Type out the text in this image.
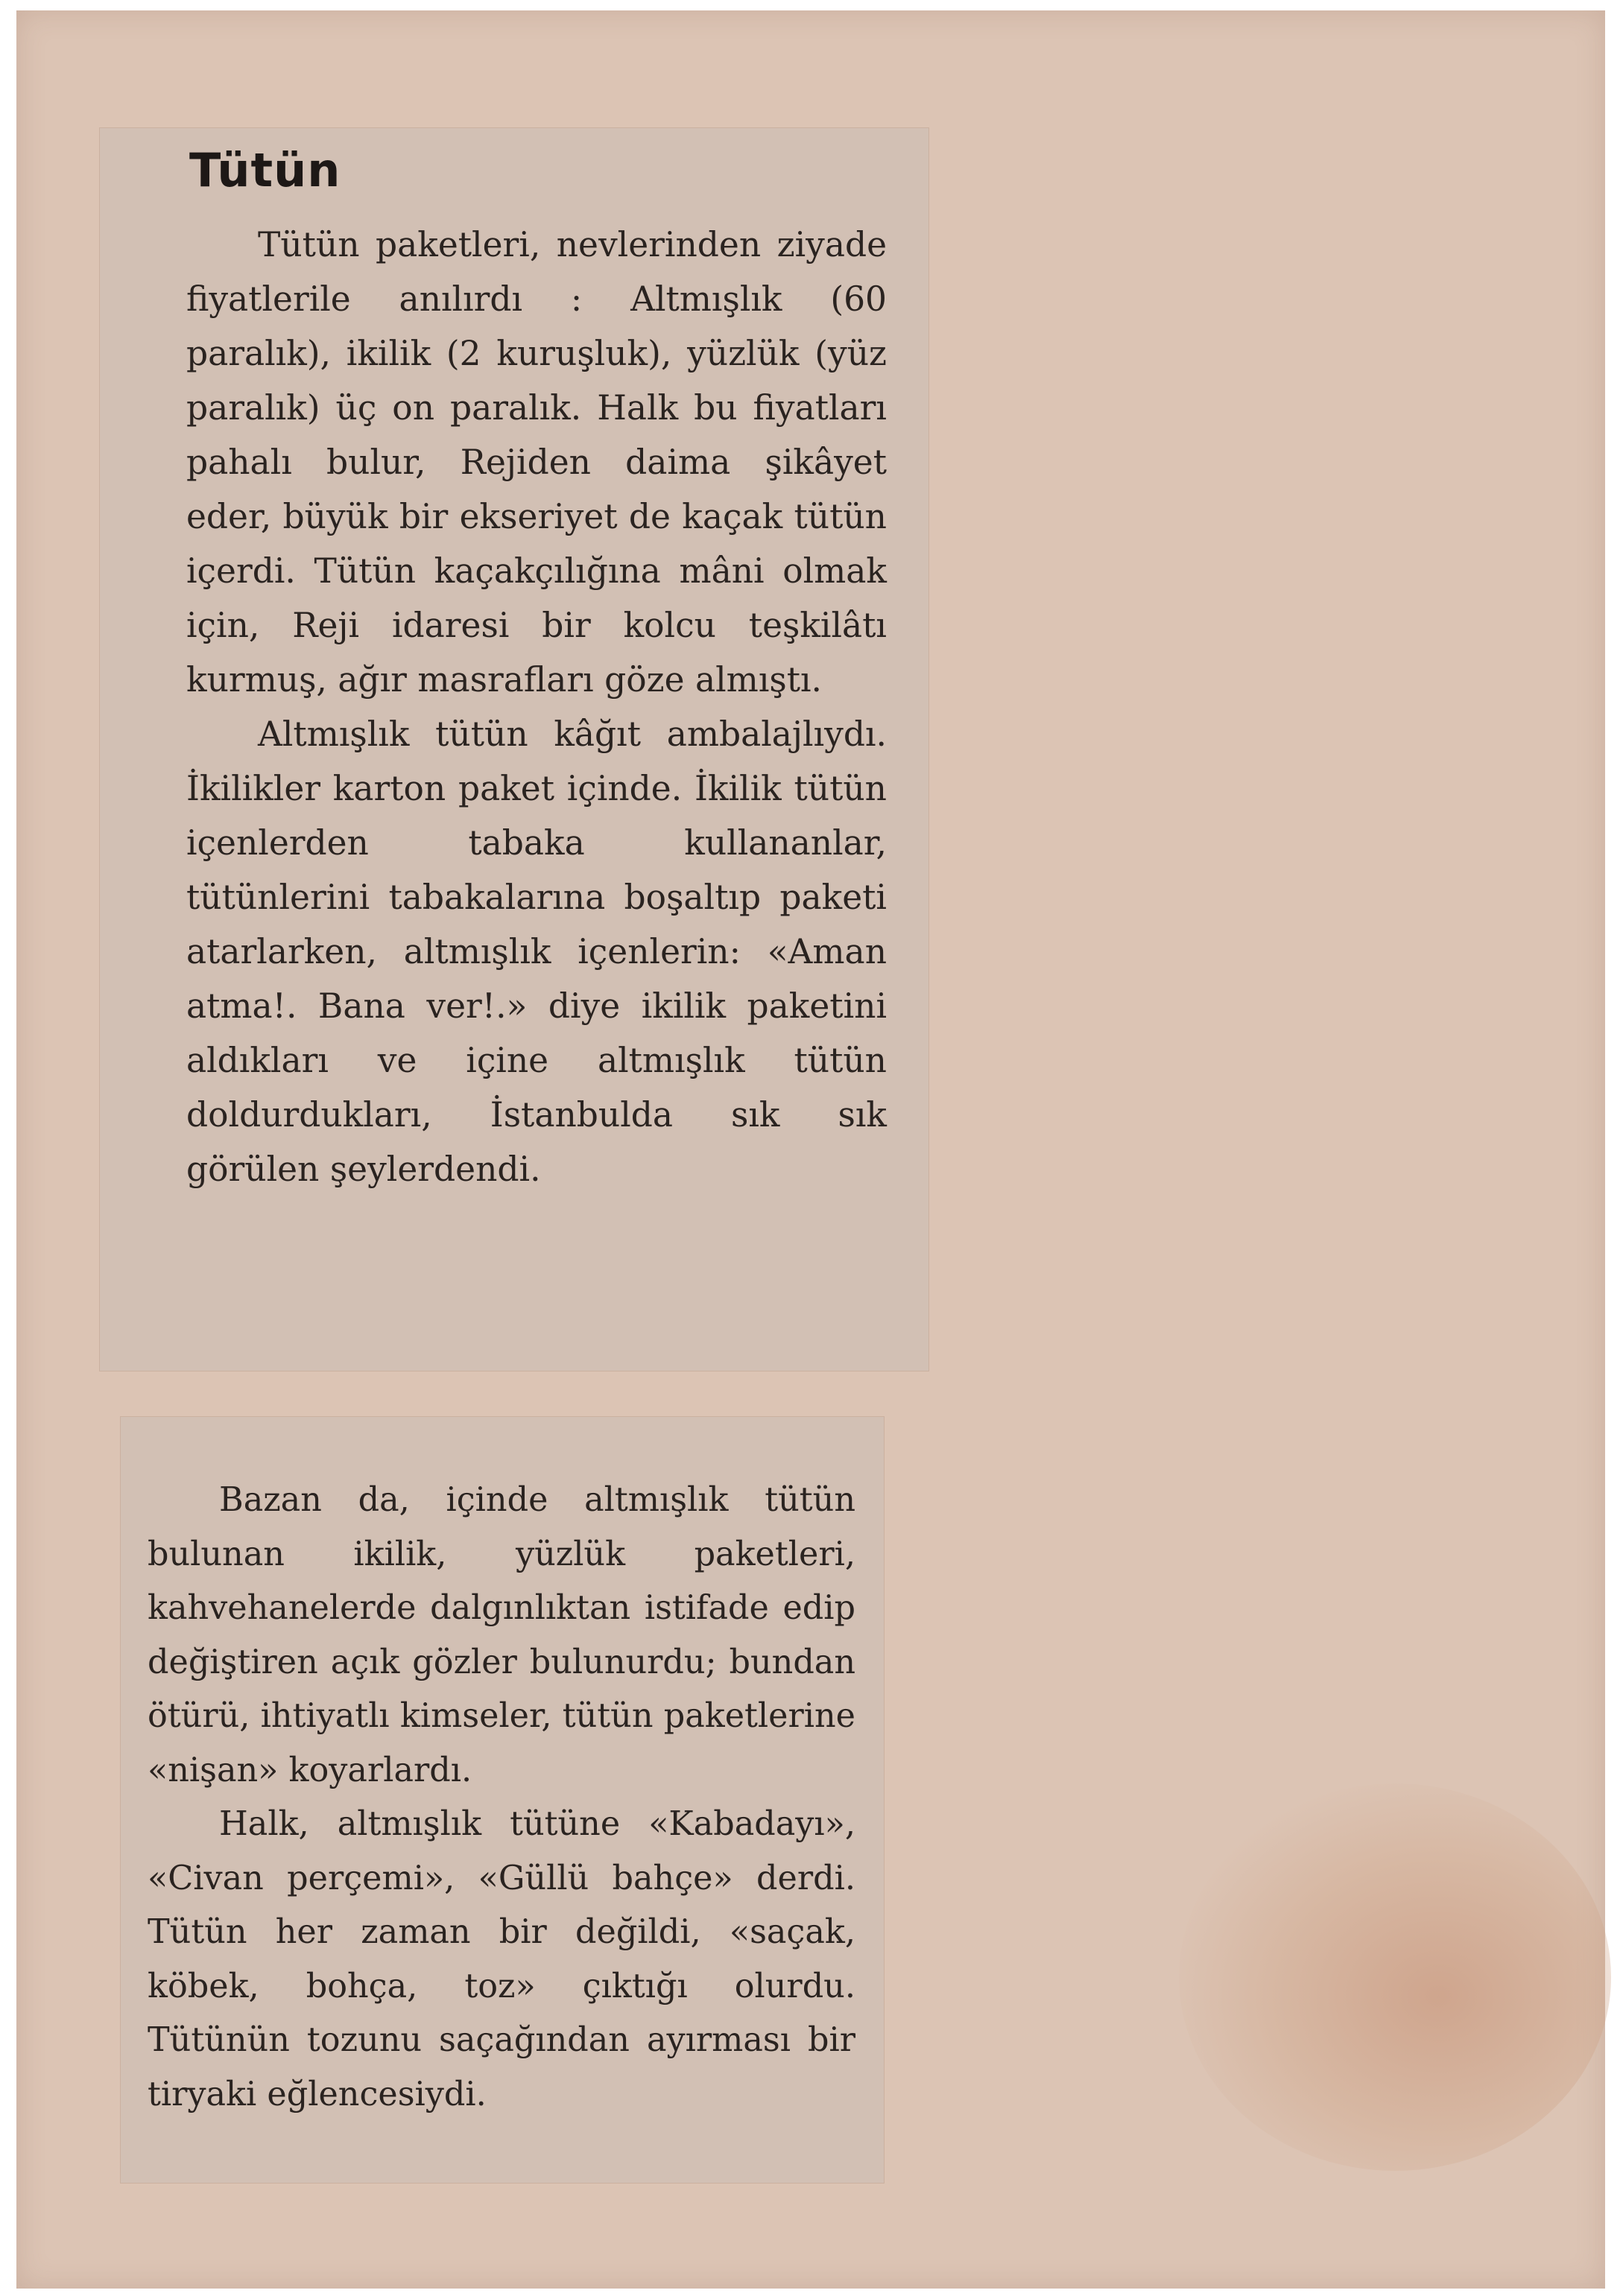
Tütün

Tütün paketleri, nevlerinden ziyade fiyatlerile anılırdı : Altmışlık (60 paralık), ikilik (2 kuruşluk), yüzlük (yüz paralık) üç on paralık. Halk bu fiyatları pahalı bulur, Rejiden daima şikâyet eder, büyük bir ekseriyet de kaçak tütün içerdi. Tütün kaçakçılığına mâni olmak için, Reji idaresi bir kolcu teşkilâtı kurmuş, ağır masrafları göze almıştı.

Altmışlık tütün kâğıt ambalajlıydı. İkilikler karton paket içinde. İkilik tütün içenlerden tabaka kullananlar, tütünlerini tabakalarına boşaltıp paketi atarlarken, altmışlık içenlerin: «Aman atma!. Bana ver!.» diye ikilik paketini aldıkları ve içine altmışlık tütün doldurdukları, İstanbulda sık sık görülen şeylerdendi.

Bazan da, içinde altmışlık tütün bulunan ikilik, yüzlük paketleri, kahvehanelerde dalgınlıktan istifade edip değiştiren açık gözler bulunurdu; bundan ötürü, ihtiyatlı kimseler, tütün paketlerine «nişan» koyarlardı.

Halk, altmışlık tütüne «Kabadayı», «Civan perçemi», «Güllü bahçe» derdi. Tütün her zaman bir değildi, «saçak, köbek, bohça, toz» çıktığı olurdu. Tütünün tozunu saçağından ayırması bir tiryaki eğlencesiydi.
